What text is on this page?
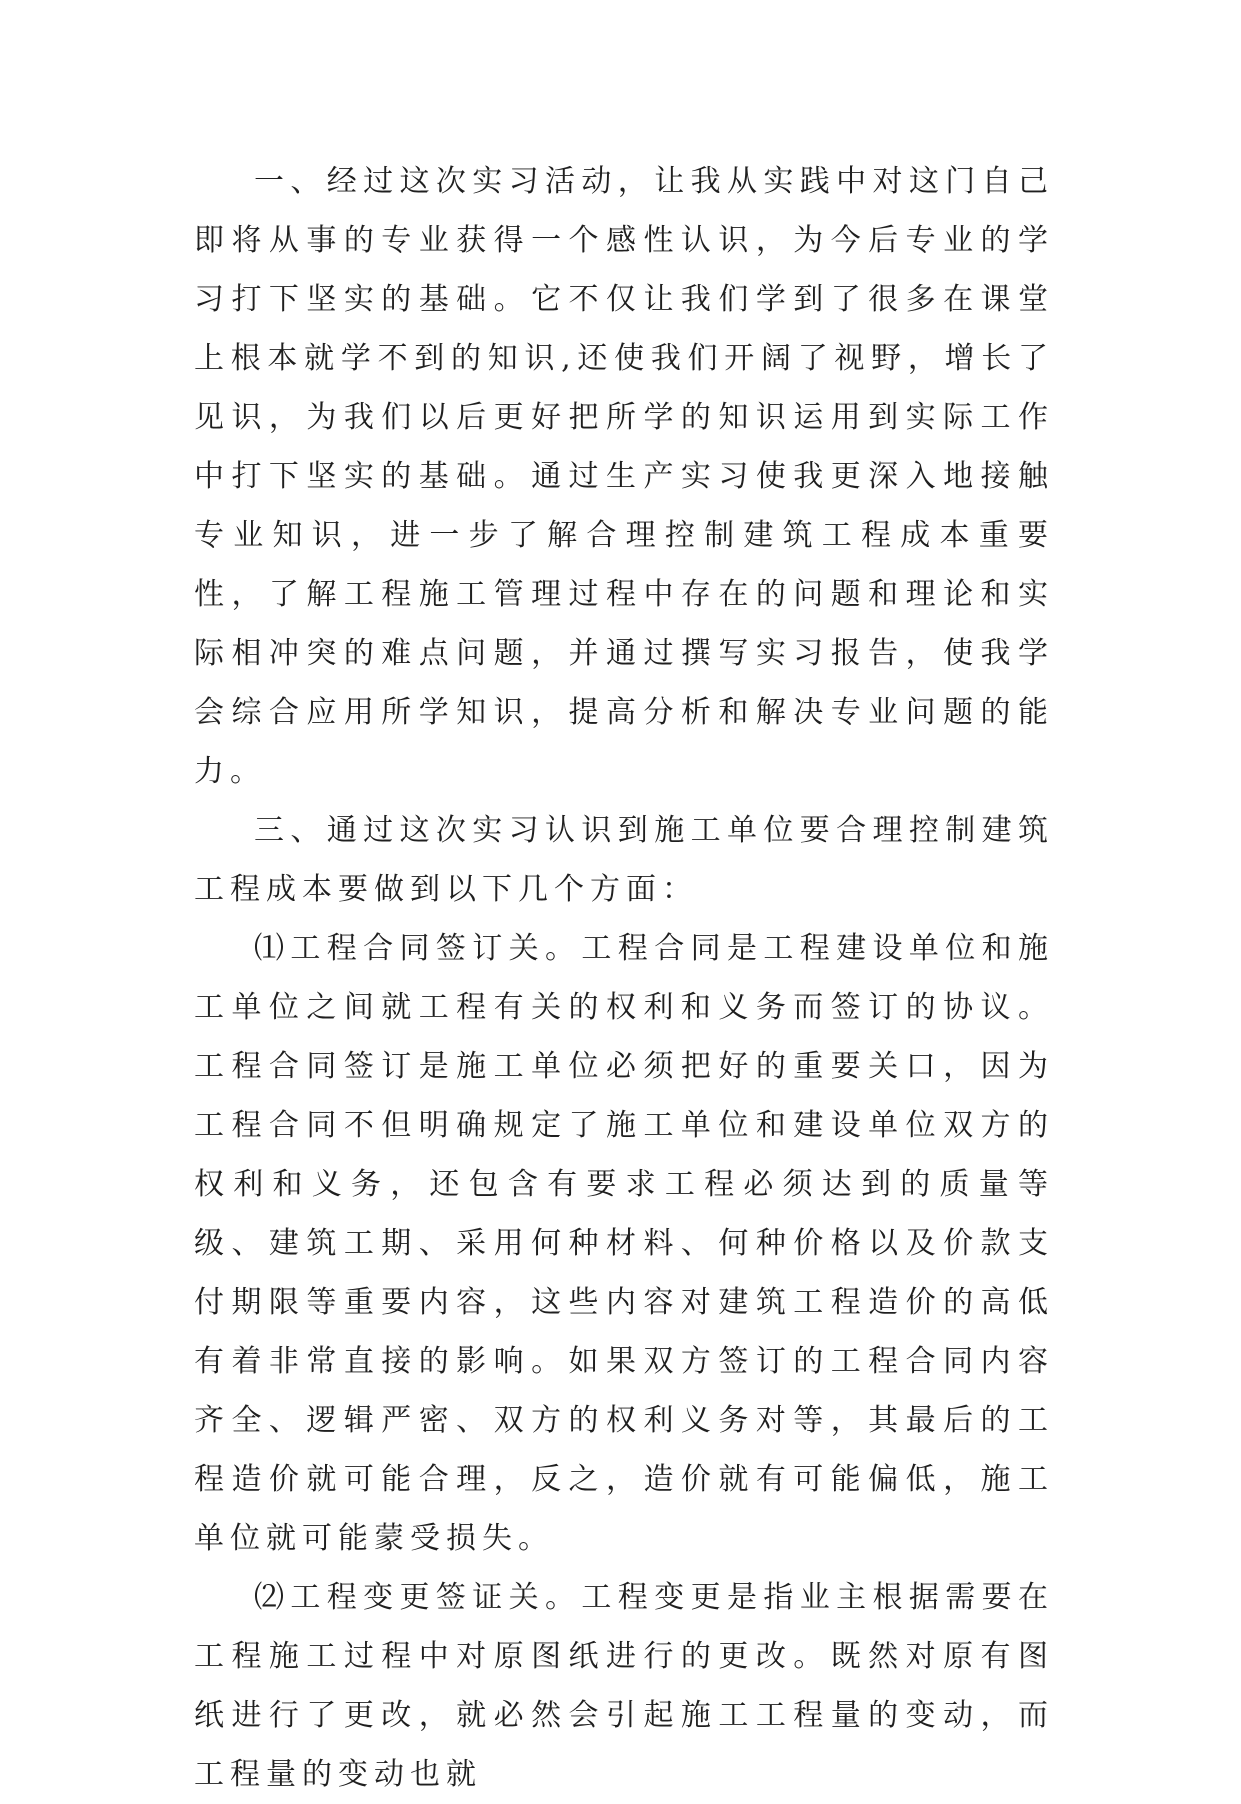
一、经过这次实习活动，让我从实践中对这门自己即将从事的专业获得一个感性认识，为今后专业的学习打下坚实的基础。它不仅让我们学到了很多在课堂上根本就学不到的知识,还使我们开阔了视野，增长了见识，为我们以后更好把所学的知识运用到实际工作中打下坚实的基础。通过生产实习使我更深入地接触专业知识，进一步了解合理控制建筑工程成本重要性，了解工程施工管理过程中存在的问题和理论和实际相冲突的难点问题，并通过撰写实习报告，使我学会综合应用所学知识，提高分析和解决专业问题的能力。

三、通过这次实习认识到施工单位要合理控制建筑工程成本要做到以下几个方面：

⑴工程合同签订关。工程合同是工程建设单位和施工单位之间就工程有关的权利和义务而签订的协议。工程合同签订是施工单位必须把好的重要关口，因为工程合同不但明确规定了施工单位和建设单位双方的权利和义务，还包含有要求工程必须达到的质量等级、建筑工期、采用何种材料、何种价格以及价款支付期限等重要内容，这些内容对建筑工程造价的高低有着非常直接的影响。如果双方签订的工程合同内容齐全、逻辑严密、双方的权利义务对等，其最后的工程造价就可能合理，反之，造价就有可能偏低，施工单位就可能蒙受损失。

⑵工程变更签证关。工程变更是指业主根据需要在工程施工过程中对原图纸进行的更改。既然对原有图纸进行了更改，就必然会引起施工工程量的变动，而工程量的变动也就
